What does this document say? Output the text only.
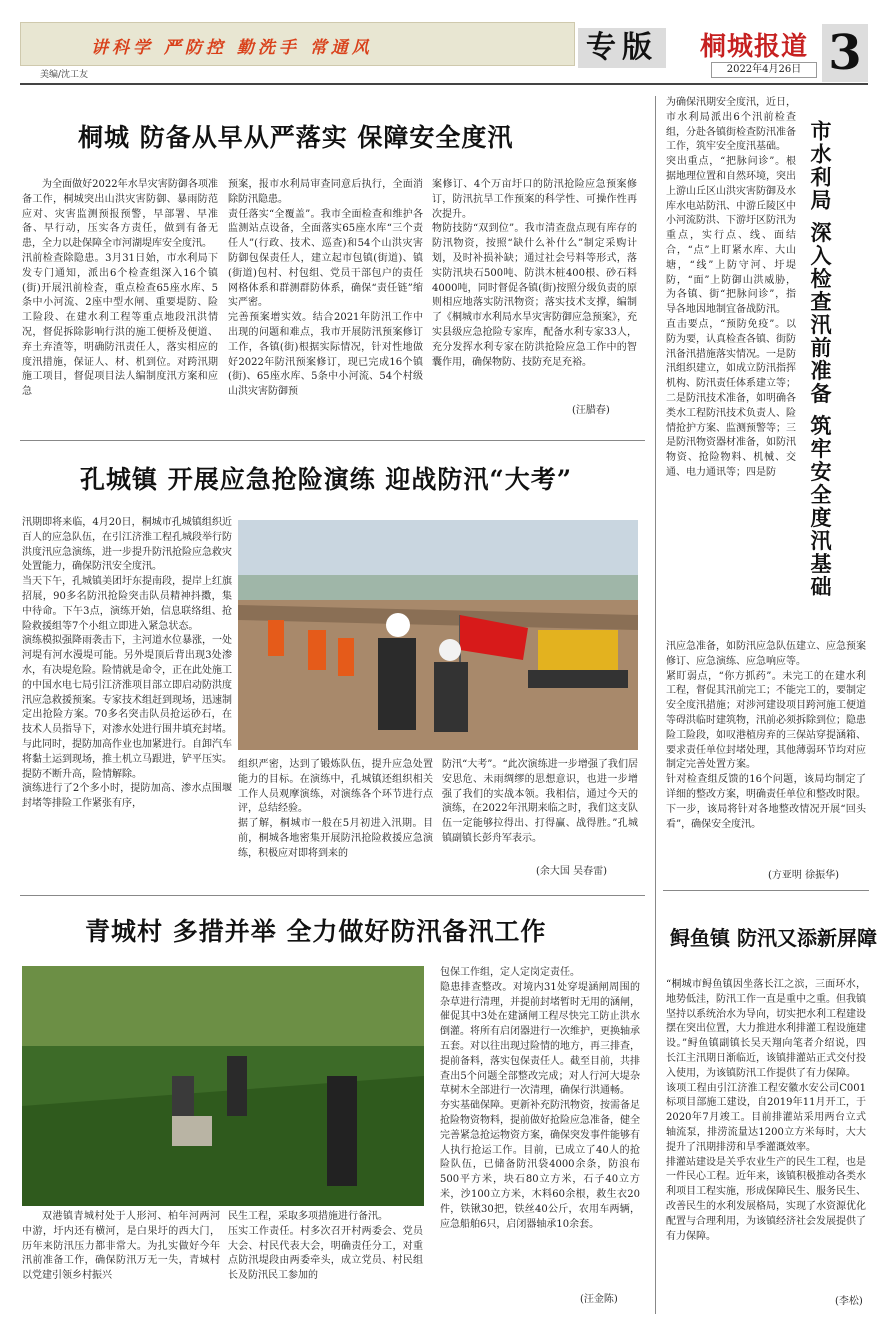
讲科学 严防控 勤洗手 常通风
美编/沈工友
专版	桐城报道
2022年4月26日 3
桐城 防备从早从严落实 保障安全度汛
为全面做好2022年水旱灾害防御各项准备工作，桐城突出山洪灾害防御、暴雨防范应对、灾害监测预报预警，早部署、早准备、早行动，压实各方责任，做到有备无患，全力以赴保障全市河湖堤库安全度汛。
汛前检查除隐患。3月31日始，市水利局下发专门通知，派出6个检查组深入16个镇(街)开展汛前检查，重点检查65座水库、5条中小河流、2座中型水闸、重要堤防、险工险段、在建水利工程等重点地段汛洪情况，督促拆除影响行洪的施工便桥及便道、弃土弃渣等，明确防汛责任人，落实相应的度汛措施，保证人、材、机到位。对跨汛期施工项目，督促项目法人编制度汛方案和应急
预案，报市水利局审查同意后执行，全面消除防汛隐患。
责任落实“全覆盖”。我市全面检查和维护各监测站点设备，全面落实65座水库“三个责任人”(行政、技术、巡查)和54个山洪灾害防御包保责任人，建立起市包镇(街道)、镇(街道)包村、村包组、党员干部包户的责任网格体系和群测群防体系，确保“责任链”缩实严密。
完善预案增实效。结合2021年防汛工作中出现的问题和难点，我市开展防汛预案修订工作，各镇(街)根据实际情况，针对性地做好2022年防汛预案修订，现已完成16个镇(街)、65座水库、5条中小河流、54个村级山洪灾害防御预
案修订、4个万亩圩口的防汛抢险应急预案修订，防汛抗旱工作预案的科学性、可操作性再次提升。
物防技防“双到位”。我市清查盘点现有库存的防汛物资，按照“缺什么补什么”制定采购计划，及时补损补缺；通过社会号料等形式，落实防汛块石500吨、防洪木桩400根、砂石料4000吨，同时督促各镇(街)按照分级负责的原则相应地落实防汛物资；落实技术支撑，编制了《桐城市水利局水旱灾害防御应急预案》，充实县级应急抢险专家库，配备水利专家33人，充分发挥水利专家在防洪抢险应急工作中的智囊作用，确保物防、技防充足充裕。
(汪腊春)
孔城镇 开展应急抢险演练 迎战防汛“大考”
汛期即将来临，4月20日，桐城市孔城镇组织近百人的应急队伍，在引江济淮工程孔城段举行防洪度汛应急演练，进一步提升防汛抢险应急救灾处置能力，确保防汛安全度汛。
当天下午，孔城镇美团圩东提南段，提岸上红旗招展，90多名防汛抢险突击队员精神抖擞，集中待命。下午3点，演练开始，信息联络组、抢险救援组等7个小组立即进入紧急状态。
演练模拟强降雨袭击下，主河道水位暴涨，一处河堤有河水漫堤可能。另外堤顶后背出现3处渗水，有决堤危险。险情就是命令，正在此处施工的中国水电七局引江济淮项目部立即启动防洪度汛应急救援预案。专家技术组赶到现场，迅速制定出抢险方案。70多名突击队员抢运砂石，在技术人员指导下，对渗水处进行围井填充封堵。与此同时，提防加高作业也加紧进行。自卸汽车将黏土运到现场，推土机立马跟进，铲平压实。提防不断升高，险情解除。
演练进行了2个多小时，提防加高、渗水点围堰封堵等排险工作紧张有序，
组织严密，达到了锻炼队伍，提升应急处置能力的目标。在演练中，孔城镇还组织相关工作人员观摩演练，对演练各个环节进行点评，总结经验。
据了解，桐城市一般在5月初进入汛期。目前，桐城各地密集开展防汛抢险救援应急演练，积极应对即将到来的
防汛“大考”。“此次演练进一步增强了我们居安思危、未雨绸缪的思想意识，也进一步增强了我们的实战本领。我相信，通过今天的演练，在2022年汛期来临之时，我们这支队伍一定能够拉得出、打得赢、战得胜。”孔城镇副镇长彭舟军表示。
(余大国 吴春雷)
青城村 多措并举 全力做好防汛备汛工作
双港镇青城村处于人形河、柏年河两河中游，圩内还有横河，是白果圩的西大门，历年来防汛压力都非常大。为扎实做好今年汛前准备工作，确保防汛万无一失，青城村以党建引领乡村振兴
民生工程，采取多项措施进行备汛。
压实工作责任。村多次召开村两委会、党员大会、村民代表大会，明确责任分工，对重点防汛堤段由两委牵头，成立党员、村民组长及防汛民工参加的
包保工作组，定人定岗定责任。
隐患排查整改。对境内31处穿堤涵闸周围的杂草进行清理，并提前封堵暂时无用的涵闸，催促其中3处在建涵闸工程尽快完工防止洪水倒灌。将所有启闭器进行一次维护，更换轴承五套。对以往出现过险情的地方，再三排查，提前备料，落实包保责任人。截至目前，共排查出5个问题全部整改完成；对人行河大堤杂草树木全部进行一次清理，确保行洪通畅。
夯实基础保障。更新补充防汛物资，按需备足抢险物资物料，提前做好抢险应急准备，健全完善紧急抢运物资方案，确保突发事件能够有人执行抢运工作。目前，已成立了40人的抢险队伍，已储备防汛袋4000余条，防浪布500平方米，块石80立方米，石子40立方米，沙100立方米，木料60余根，救生衣20件，铁锹30把，铁丝40公斤，农用车两辆，应急船舶6只，启闭器轴承10余套。
(汪金陈)
为确保汛期安全度汛，近日，市水利局派出6个汛前检查组，分赴各镇街检查防汛准备工作，筑牢安全度汛基础。
突出重点，“把脉问诊”。根据地理位置和自然环境，突出上游山丘区山洪灾害防御及水库水电站防汛、中游丘陵区中小河流防洪、下游圩区防汛为重点，实行点、线、面结合，“点”上盯紧水库、大山塘，“线”上防守河、圩堤防，“面”上防御山洪威胁，为各镇、街“把脉问诊”，指导各地因地制宜备战防汛。
直击要点，“预防免疫”。以防为要，认真检查各镇、街防汛备汛措施落实情况。一是防汛组织建立，如成立防汛指挥机构、防汛责任体系建立等；二是防汛技术准备，如明确各类水工程防汛技术负责人、险情抢护方案、监测预警等；三是防汛物资器材准备，如防汛物资、抢险物料、机械、交通、电力通讯等；四是防	市水利局 深入检查汛前准备 筑牢安全度汛基础
汛应急准备，如防汛应急队伍建立、应急预案修订、应急演练、应急响应等。
紧盯弱点，“你方抓药”。未完工的在建水利工程，督促其汛前完工；不能完工的，要制定安全度汛措施；对涉河建设项目跨河施工便道等碍洪临时建筑物，汛前必须拆除到位；隐患险工险段，如叹港植房弃的三保站穿提涵箱、要求责任单位封堵处理，其他薄弱环节均对应制定完善处置方案。
针对检查组反馈的16个问题，该局均制定了详细的整改方案，明确责任单位和整改时限。下一步，该局将针对各地整改情况开展“回头看”，确保安全度汛。
(方亚明 徐振华)
鲟鱼镇 防汛又添新屏障
“桐城市鲟鱼镇因坐落长江之滨，三面环水，地势低洼，防汛工作一直是重中之重。但我镇坚持以系统治水为导向，切实把水利工程建设摆在突出位置，大力推进水利排灌工程设施建设。”鲟鱼镇副镇长吴天翔向笔者介绍说，四长江主汛期日渐临近，该镇排灌站正式交付投入使用，为该镇防汛工作提供了有力保障。
该项工程由引江济淮工程安徽水安公司C001标项目部施工建设，自2019年11月开工，于2020年7月竣工。目前排灌站采用两台立式轴流泵，排涝流量达1200立方米每时，大大提升了汛期排涝和旱季灌溉效率。
排灌站建设是关乎农业生产的民生工程，也是一件民心工程。近年来，该镇积极推动各类水利项目工程实施，形成保障民生、服务民生、改善民生的水利发展格局，实现了水资源优化配置与合理利用，为该镇经济社会发展提供了有力保障。
(李松)
